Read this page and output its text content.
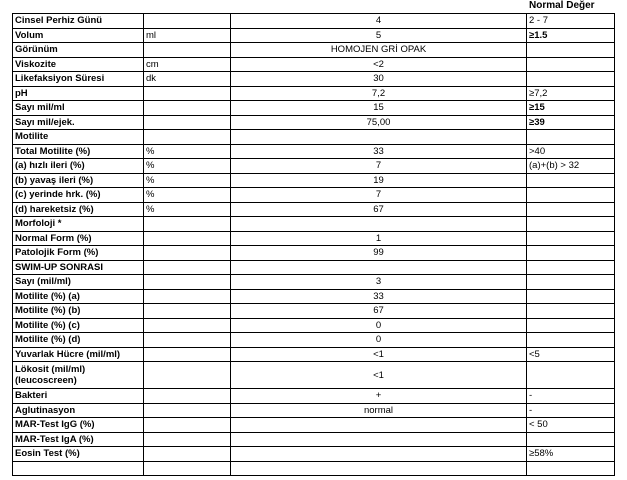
Normal Değer
Cinsel Perhiz Günü		4	2 - 7
Volum	ml	5	≥1.5
Görünüm		HOMOJEN GRİ OPAK	
Viskozite	cm	<2	
Likefaksiyon Süresi	dk	30	
pH		7,2	≥7,2
Sayı mil/ml		15	≥15
Sayı mil/ejek.		75,00	≥39
Motilite			
Total Motilite (%)	%	33	>40
(a) hızlı ileri (%)	%	7	(a)+(b) > 32
(b) yavaş ileri (%)	%	19	
(c) yerinde hrk. (%)	%	7	
(d) hareketsiz (%)	%	67	
Morfoloji *			
Normal Form (%)		1	
Patolojik Form (%)		99	
SWIM-UP SONRASI			
Sayı (mil/ml)		3	
Motilite (%) (a)		33	
Motilite (%) (b)		67	
Motilite (%) (c)		0	
Motilite (%) (d)		0	
Yuvarlak Hücre (mil/ml)		<1	<5
Lökosit (mil/ml) (leucoscreen)		<1	
Bakteri		+	-
Aglutinasyon		normal	-
MAR-Test IgG (%)			< 50
MAR-Test IgA (%)			
Eosin Test (%)			≥58%
